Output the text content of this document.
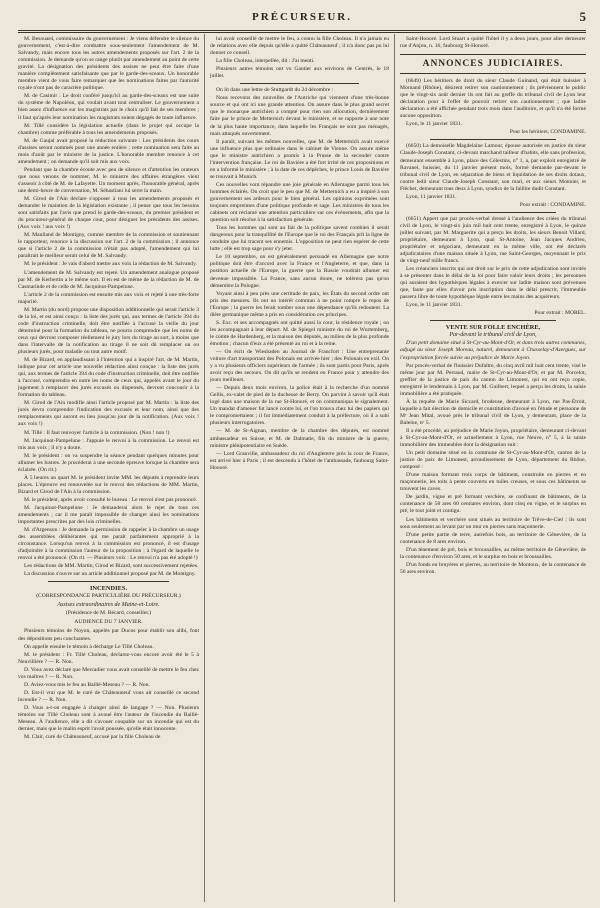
PRÉCURSEUR.	5

M. Besouard, commissaire du gouvernement : Je viens défendre le silence du gouvernement, c'est-à-dire combattre sous-seulement l'amendement de M. Salvandy, mais encore tous les autres amendements proposés sur l'art. 2 de la commission. Je demande qu'on se range plutôt par amendement au point de cette gravité. La désignation des présidents des assises ne peut être faite d'une manière complètement satisfaisante que par le garde-des-sceaux. Un honorable membre vient de vous faire remarquer que les nominations faites par l'autorité royale n'ont pas de caractère politique.

M. de Casimir : Le droit conféré jusqu'ici au garde-des-sceaux est une suite du système de Napoléon, qui voulait avant tout centraliser. Le gouvernement a bien assez d'influence sur les magistrats par le choix qu'il fait de ses membres ; il faut qu'après leur nomination les magistrats soient dégagés de toute influence.

M. Tillé considère la législation actuelle (dans le projet qui occupe la chambre) comme préférable à tous les amendements proposés.

M. de Gaujal avait proposé la réduction suivante : Les présidents des cours d'assises seront nommés pour une année entière ; cette nomination sera faite au mois d'août par le ministre de la justice. L'honorable membre renonce à cet amendement ; on demande qu'il soit mis aux voix.

Pendant que la chambre écoute avec peu de silence et d'attention les orateurs que nous venons de nommer, M. le ministre des affaires étrangères vient s'asseoir à côté de M. de Lafayette. Un moment après, l'honorable général, après une demi-heure de conversation, M. Sébastiani lui serre la main.

M. Girod de l'Ain déclare s'opposer à tous les amendements proposés et demander le maintien de la législation existante ; il pense que tous les besoins sont satisfaits par l'avis que prend le garde-des-sceaux, du premier président et du procureur-général de chaque cour, pour désigner les présidents des assises. (Aux voix ! aux voix !)

M. Maulland de Montigny, comme membre de la commission et soutiennant le rapporteur, renonce à la discussion sur l'art. 2 de la commission ; il annonce que si l'article 2 de la commission n'était pas adopté, l'amendement qui lui paraîtrait le meilleur serait celui de M. Salvandy.

M. le président : Je vais d'abord mettre aux voix la rédaction de M. Salvandy.

L'amendement de M. Salvandy est rejeté. Un amendement analogue proposé par M. de Kerbertin a le même sort. Il en est de même de la rédaction de M. de Casmarinde et de celle de M. Jacquinot-Pampelune.

L'article 2 de la commission est ensuite mis aux voix et rejeté à une très-forte majorité.

M. Martin (du nord) propose une disposition additionnelle qui serait l'article 3 de la loi, et est ainsi conçu : la liste des jurés qui, aux termes de l'article 394 du code d'instruction criminelle, doit être notifiée à l'accusé la veille du jour déterminé pour la formation du tableau, ne pourra comprendre que les noms de ceux qui devront composer réellement le jury lors du tirage au sort, à moins que dans l'intervalle de la notification au tirage il ne soit dû remplacer un ou plusieurs jurés, pour maladie ou tout autre motif.

M. de Bizard, en applaudissant à l'intention qui a inspiré l'art. de M. Martin, indique pour cet article une nouvelle rédaction ainsi conçue : la liste des jurés qui, aux termes de l'article 394 du code d'instruction criminelle, doit être notifiée à l'accusé, comprendra en outre les noms de ceux qui, appelés avant le jour du jugement à remplacer des jurés excusés ou dispensés, devront concourir à la formation du tableau.

M. Girod de l'Ain modifie ainsi l'article proposé par M. Martin : la liste des jurés devra comprendre l'indication des excusés et leur nom, ainsi que des remplacements qui auront eu lieu jusqu'au jour de la notification. (Aux voix ! aux voix !)

M. Tillé : Il faut renvoyer l'article à la commission. (Non ! non !)

M. Jacquinot-Pampelune : J'appuie le renvoi à la commission. Le renvoi est mis aux voix ; il n'y a doute.

M. le président : on va suspendre la séance pendant quelques minutes pour allumer les lustres. Je procéderai à une seconde épreuve lorsque la chambre sera éclairée. (On rit.)

À 5 heures un quart M. le président invite MM. les députés à reprendre leurs places. L'épreuve est renouvelée sur le renvoi des rédactions de MM. Martin, Bizard et Girod de l'Ain à la commission.

M. le président, après avoir consulté le bureau : Le renvoi n'est pas prononcé.

M. Jacquinot-Pampelune : Je demanderai alors le rejet de tous ces amendements ; car il me paraît impossible de changer ainsi les nominations importantes prescrites par des lois criminelles.

M. d'Argenson : Je demande la permission de rappeler à la chambre un usage des assemblées délibérantes qui me paraît parfaitement approprié à la circonstance. Lorsqu'un renvoi à la commission est prononcé, il est d'usage d'adjoindre à la commission l'auteur de la proposition ; à l'égard de laquelle le renvoi a été prononcé. (On rit. — Plusieurs voix : Le renvoi n'a pas été adopté !)

Les rédactions de MM. Martin, Girod et Bizard, sont successivement rejetées.

La discussion s'ouvre sur un article additionnel proposé par M. de Montigny.

INCENDIES.
(CORRESPONDANCE PARTICULIÈRE DU PRÉCURSEUR.)
Assises extraordinaires de Maine-et-Loire.
(Présidence de M. Bécard, conseiller.)
AUDIENCE DU 7 JANVIER.

Plusieurs témoins de Noyon, appelés par Ducos pour établir son alibi, font des dépositions peu concluantes.

On appelle ensuite le témoin à décharge Le Tillé Choleau.

M. le président : Fr. Tillé Choleau, déclarez-vous encore avoir été le 5 à Neuvillière ? — R. Non.

D. Vous avez déclaré que Mercadier vous avait conseillé de mettre le feu chez vos maîtres ? — R. Non.

D. Aviez-vous mis le feu au Baillé-Meseau ? — R. Non.

D. Est-il vrai que M. le curé de Châteauneuf vous ait conseillé ce second incendie ? — R. Non.

D. Vous a-t-on engagée à changer ainsi de langage ? — Non. Plusieurs témoins sur Tillé Choleau sont à avoué être l'auteur de l'incendie du Baillé-Meseau. À l'audience, elle a dit s'avouer coupable sur un incendie qui est du dernier, mais que le malin esprit l'avait poussée, qu'elle était innocente.

M. Clair, curé de Châteauneuf, accusé par la fille Choleau de

lui avoir conseillé de mettre le feu, a connu la fille Choleau. Il n'a jamais eu de relations avec elle depuis qu'elle a quitté Châteauneuf ; il n'a donc pas pu lui donner ce conseil.

La fille Choleau, interpellée, dit : J'ai menti.

Plusieurs autres témoins ont vu Gautier aux environs de Gentrés, le 18 juillet.

On lit dans une lettre de Stuttgardt du 24 décembre :

Nous recevons des nouvelles de l'Autriche qui viennent d'une très-bonne source et qui ont ici une grande attention. On assure dans le plus grand secret que le monarque autrichien a compté pour rien son allocution, dernièrement faite par le prince de Metternich devant le ministère, et se rapporte à une note de la plus haute importance, dans laquelle les Français ne sont pas ménagés, mais attaqués ouvertement.

Il paraît, suivant les mêmes nouvelles, que M. de Metternich avait exercé une influence plus que ordinaire dans le cabinet de Vienne. On assure même que le ministre autrichien a promis à la Prusse de la seconder contre l'intervention française. Le roi de Bavière a été fort irrité de ces propositions et en a informé le ministère ; à la date de ces dépêches, le prince Louis de Bavière se trouvait à Munich.

Ces nouvelles vont répandre une joie générale en Allemagne parmi tous les hommes éclairés. On croit que le peu que M. de Metternich a eu a inspiré à son gouvernement ses ardeurs pour le bien général. Les opinions exprimées sont toujours empreintes d'une politique profonde et sage. Les ministres de tous les cabinets ont réclamé une attention particulière sur ces événements, afin que la question soit résolue à la satisfaction générale.

Tous les hommes qui sont au fait de la politique savent combien il serait dangereux pour la tranquillité de l'Europe que le roi des Français prît la ligne de conduite que lui tracent ses ennemis. L'opposition ne peut rien espérer de cette lutte ; elle est trop sage pour s'y jeter.

Le 10 septembre, on est généralement persuadé en Allemagne que notre politique doit être d'accord avec la France et l'Angleterre, et que, dans la position actuelle de l'Europe, la guerre que la Russie voudrait allumer est devenue impossible. La France, sans aucun doute, ne tolèrera pas qu'on démembre la Pologne.

Voyant ainsi à peu près une certitude de paix, les États du second ordre ont pris des mesures. Ils ont un intérêt commun à ne point rompre le repos de l'Europe ; la guerre les ferait tomber sous une dépendance qu'ils redoutent. La diète germanique même a pris en considération ces principes.

S. Exc. et ses accompagnés ont quitté aussi la cour, la résidence royale ; on les accompagnait à leur départ. M. de Spiegel ministre du roi de Wurtemberg, le comte de Hardenberg, et la maison des députés, au milieu de la plus profonde émotion ; chacun d'eux a été présenté au roi et à la reine.

— On écrit de Wiesbaden au Journal de Francfort : Une entreprenante voiture d'art transportant des Polonais est arrivée hier ; des Polonais en exil. On y a vu plusieurs officiers supérieurs de l'armée ; ils sont partis pour Paris, après avoir reçu des secours. On dit qu'ils se rendent en France pour y attendre des jours meilleurs.

— Depuis deux mois environ, la police était à la recherche d'un nommé Gellis, ex-valet de pied de la duchesse de Berry. On parvint à savoir qu'il était logé dans une maison de la rue St-Honoré, et on communiqua le signalement. Un mandat d'amener fut lancé contre lui, et l'on trouva chez lui des papiers qui le compromettaient ; il fut immédiatement conduit à la préfecture, où il a subi plusieurs interrogatoires.

— M. de St-Aignan, membre de la chambre des députés, est nommé ambassadeur en Suisse, et M. de Dalmatie, fils du ministre de la guerre, ministre plénipotentiaire en Suède.

— Lord Granville, ambassadeur du roi d'Angleterre près la cour de France, est arrivé hier à Paris ; il est descendu à l'hôtel de l'ambassade, faubourg Saint-Honoré.

Saint-Honoré. Lord Stuart a quitté l'hôtel il y a deux jours, pour aller demeurer rue d'Anjou, n. 16, faubourg St-Honoré.

ANNONCES JUDICIAIRES.

(6649) Les héritiers de droit du sieur Claude Guinand, qui était huissier à Mornand (Rhône), désirent retirer son cautionnement ; ils préviennent le public que le vingt-six août dernier ils ont fait au greffe du tribunal civil de Lyon leur déclaration pour à l'effet de pouvoir retirer son cautionnement ; que ladite déclaration a été affichée pendant trois mois dans l'auditoire, et qu'il n'a été formé aucune opposition.

Lyon, le 11 janvier 1831.

Pour les héritiers, CONDAMINE.

(6650) La demoiselle Magdelaine Lamour, épouse autorisée en justice du sieur Claude-Joseph Constant, ci-devant marchand tailleur d'habits, elle sans profession, demeurant ensemble à Lyon, place des Célestins, n° 1, a, par exploit enregistré de Ravanel, huissier, du 11 janvier présent mois, formé demande par-devant le tribunal civil de Lyon, en séparation de biens et liquidation de ses droits dotaux, contre ledit sieur Claude-Joseph Constant, son mari, et aux sieurs Monnier, et Fléchet, demeurant tous deux à Lyon, syndics de la faillite dudit Constant.

Lyon, 11 janvier 1831.

Pour extrait : CONDAMINE.

(6651) Appert que par procès-verbal dressé à l'audience des criées du tribunal civil de Lyon, le vingt-six juin mil huit cent trente, enregistré à Lyon, le quinze juillet suivant, par M. Marguerite qui a perçu les droits, les sieurs Benoit Villard, propriétaire, demeurant à Lyon, quai St-Antoine, Jean Jacques Andrieu, propriétaire et négociant, demeurant en la même ville, ont été déclarés adjudicataires d'une maison située à Lyon, rue Saint-Georges, moyennant le prix de vingt-neuf mille francs.

Les créanciers inscrits qui ont droit sur le prix de cette adjudication sont invités à se présenter dans le délai de la loi pour faire valoir leurs droits ; les personnes qui auraient des hypothèques légales à exercer sur ladite maison sont prévenues que, faute par elles d'avoir pris inscription dans le délai prescrit, l'immeuble passera libre de toute hypothèque légale entre les mains des acquéreurs.

Lyon, le 11 janvier 1831.

Pour extrait : MOREL.
VENTE SUR FOLLE ENCHÈRE,
Par-devant le tribunal civil de Lyon,

D'un petit domaine situé à St-Cyr-au-Mont-d'Or, et dans trois autres communes, adjugé au sieur Joseph Moreau, naturel, demeurant à Chasselay-d'Azergues, sur l'expropriation forcée suivie au préjudice de Marie Joyon.

Par procès-verbal de l'huissier Dufaître, du cinq avril mil huit cent trente, visé le même jour par M. Perraud, maire de St-Cyr-au-Mont-d'Or, et par M. Porcelot, greffier de la justice de paix du canton de Limonest, qui en ont reçu copie, enregistré le lendemain à Lyon, par M. Guilbert, lequel a perçu les droits, la saisie immobilière a été pratiquée.

À la requête de Marie Siccard, brodeuse, demeurant à Lyon, rue Pas-Étroit, laquelle a fait élection de domicile et constitution d'avoué en l'étude et personne de Mᵉ Jean Mital, avoué près le tribunal civil de Lyon, y demeurant, place de la Baleine, nᵒ 5.

Il a été procédé, au préjudice de Marie Joyon, propriétaire, demeurant ci-devant à St-Cyr-au-Mont-d'Or, et actuellement à Lyon, rue Neuve, n° 5, à la saisie immobilière des immeubles dont la désignation suit :

Un petit domaine situé en la commune de St-Cyr-au-Mont-d'Or, canton de la justice de paix de Limonest, arrondissement de Lyon, département du Rhône, composé :

D'une maison formant trois corps de bâtiment, construite en pierres et en maçonnerie, les toits à pente couverts en tuiles creuses, et sous ces bâtiments se trouvent les caves.

De jardin, vigne et pré formant verchère, se confinant de bâtiments, de la contenance de 58 ares 60 centiares environ, dont cinq en vigne, et le surplus en pré, le tout joint et contigu.

Les bâtiments et verchère sont situés au territoire de Trêve-de-Ciel ; ils sont sous seulement au levant par un mur en pierres sans maçonnerie.

D'une petite partie de terre, autrefois bois, au territoire de Gênevière, de la contenance de 8 ares environ.

D'un tènement de pré, bois et broussailles, au même territoire de Gênevière, de la contenance d'environ 50 ares, et le surplus en bois et broussailles.

D'un fonds en bruyères et pierres, au territoire de Montoux, de la contenance de 56 ares environ.
